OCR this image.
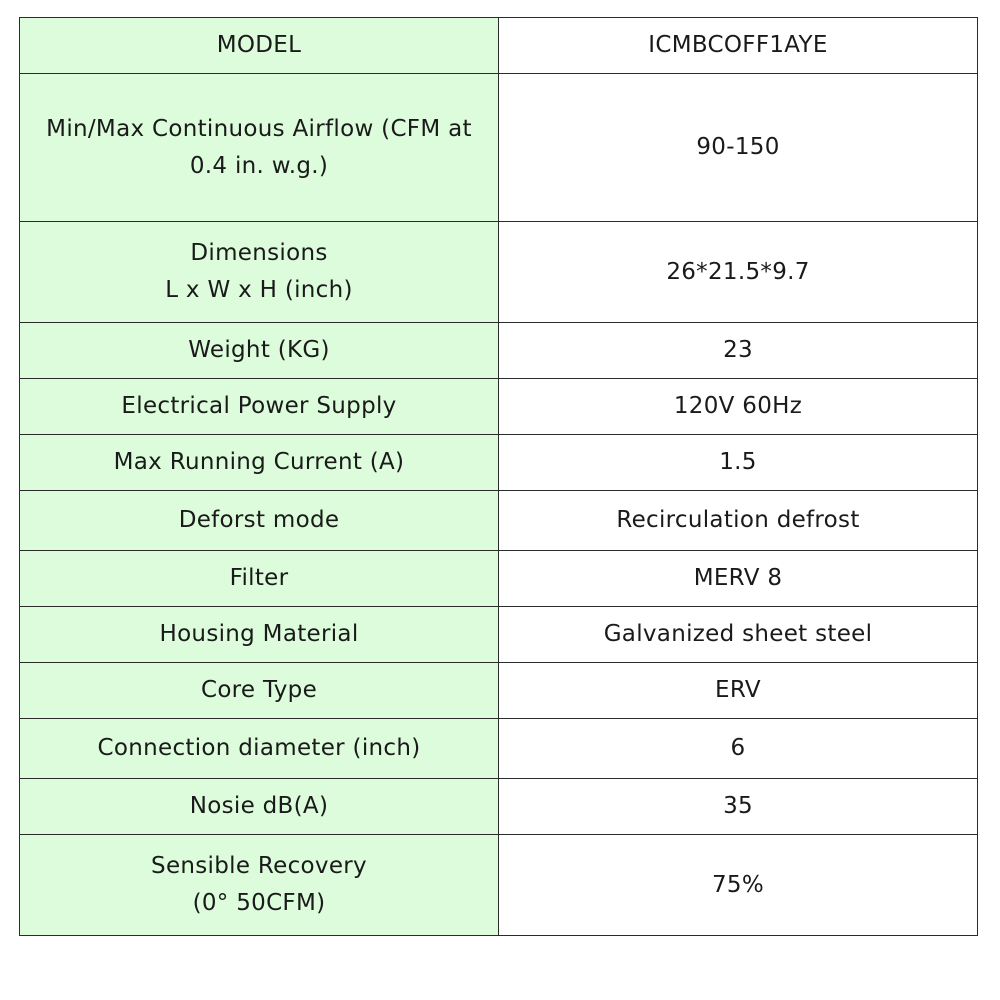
MODEL	ICMBCOFF1AYE

Min/Max Continuous Airflow (CFM at
0.4 in. w.g.)	90-150

Dimensions
L x W x H (inch)	26*21.5*9.7

Weight (KG)	23

Electrical Power Supply	120V 60Hz

Max Running Current (A)	1.5

Deforst mode	Recirculation defrost

Filter	MERV 8

Housing Material	Galvanized sheet steel

Core Type	ERV

Connection diameter (inch)	6

Nosie dB(A)	35

Sensible Recovery
(0° 50CFM)	75%
